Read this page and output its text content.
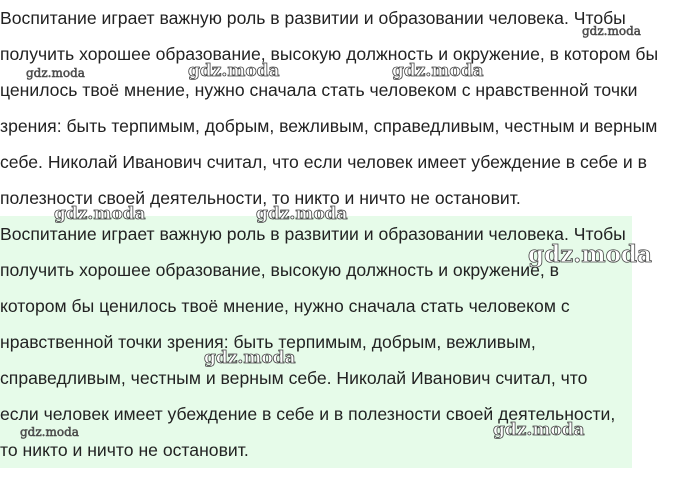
Воспитание играет важную роль в развитии и образовании человека. Чтобы получить хорошее образование, высокую должность и окружение, в котором бы ценилось твоё мнение, нужно сначала стать человеком с нравственной точки зрения: быть терпимым, добрым, вежливым, справедливым, честным и верным себе. Николай Иванович считал, что если человек имеет убеждение в себе и в полезности своей деятельности, то никто и ничто не остановит.

Воспитание играет важную роль в развитии и образовании человека. Чтобы получить хорошее образование, высокую должность и окружение, в котором бы ценилось твоё мнение, нужно сначала стать человеком с нравственной точки зрения: быть терпимым, добрым, вежливым, справедливым, честным и верным себе. Николай Иванович считал, что если человек имеет убеждение в себе и в полезности своей деятельности, то никто и ничто не остановит.

gdz.moda
gdz.moda	gdz.moda	gdz.moda
gdz.moda	gdz.moda
gdz.moda
gdz.moda
gdz.moda	gdz.moda
